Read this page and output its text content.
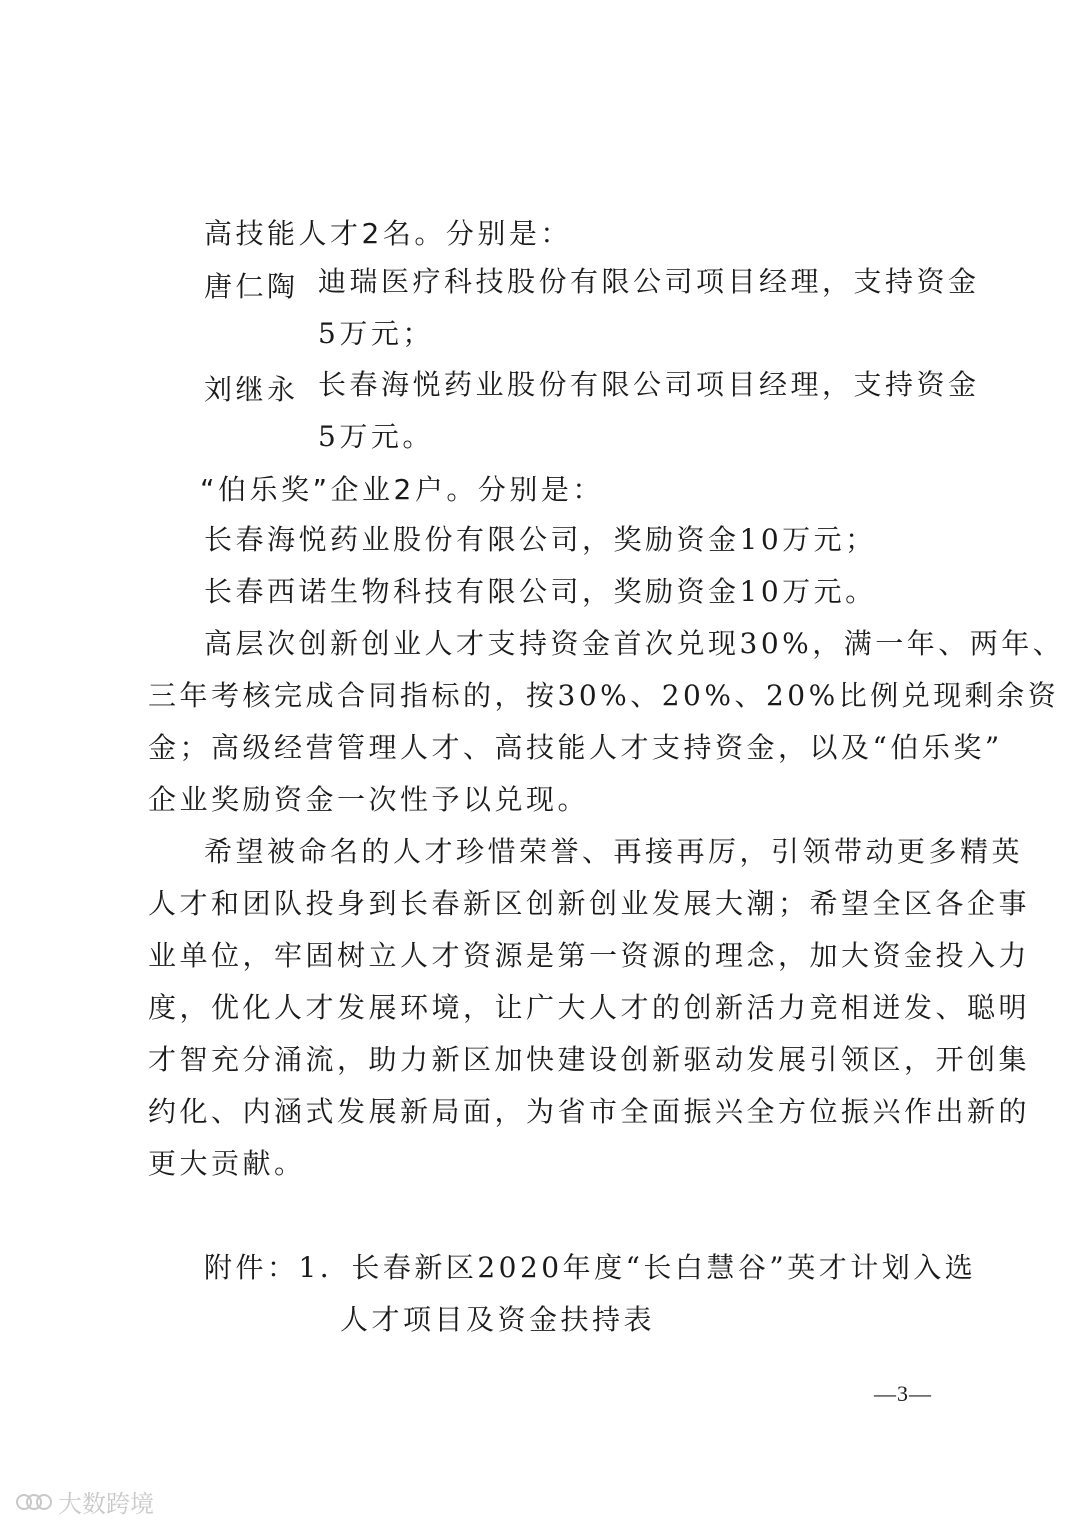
高技能人才2名。分别是：
唐仁陶 迪瑞医疗科技股份有限公司项目经理，支持资金
5万元；
刘继永 长春海悦药业股份有限公司项目经理，支持资金
5万元。
“伯乐奖”企业2户。分别是：
长春海悦药业股份有限公司，奖励资金10万元；
长春西诺生物科技有限公司，奖励资金10万元。
高层次创新创业人才支持资金首次兑现30%，满一年、两年、
三年考核完成合同指标的，按30%、20%、20%比例兑现剩余资
金；高级经营管理人才、高技能人才支持资金，以及“伯乐奖”
企业奖励资金一次性予以兑现。
希望被命名的人才珍惜荣誉、再接再厉，引领带动更多精英
人才和团队投身到长春新区创新创业发展大潮；希望全区各企事
业单位，牢固树立人才资源是第一资源的理念，加大资金投入力
度，优化人才发展环境，让广大人才的创新活力竞相迸发、聪明
才智充分涌流，助力新区加快建设创新驱动发展引领区，开创集
约化、内涵式发展新局面，为省市全面振兴全方位振兴作出新的
更大贡献。
附件：1．长春新区2020年度“长白慧谷”英才计划入选
人才项目及资金扶持表
—3—
大数跨境
